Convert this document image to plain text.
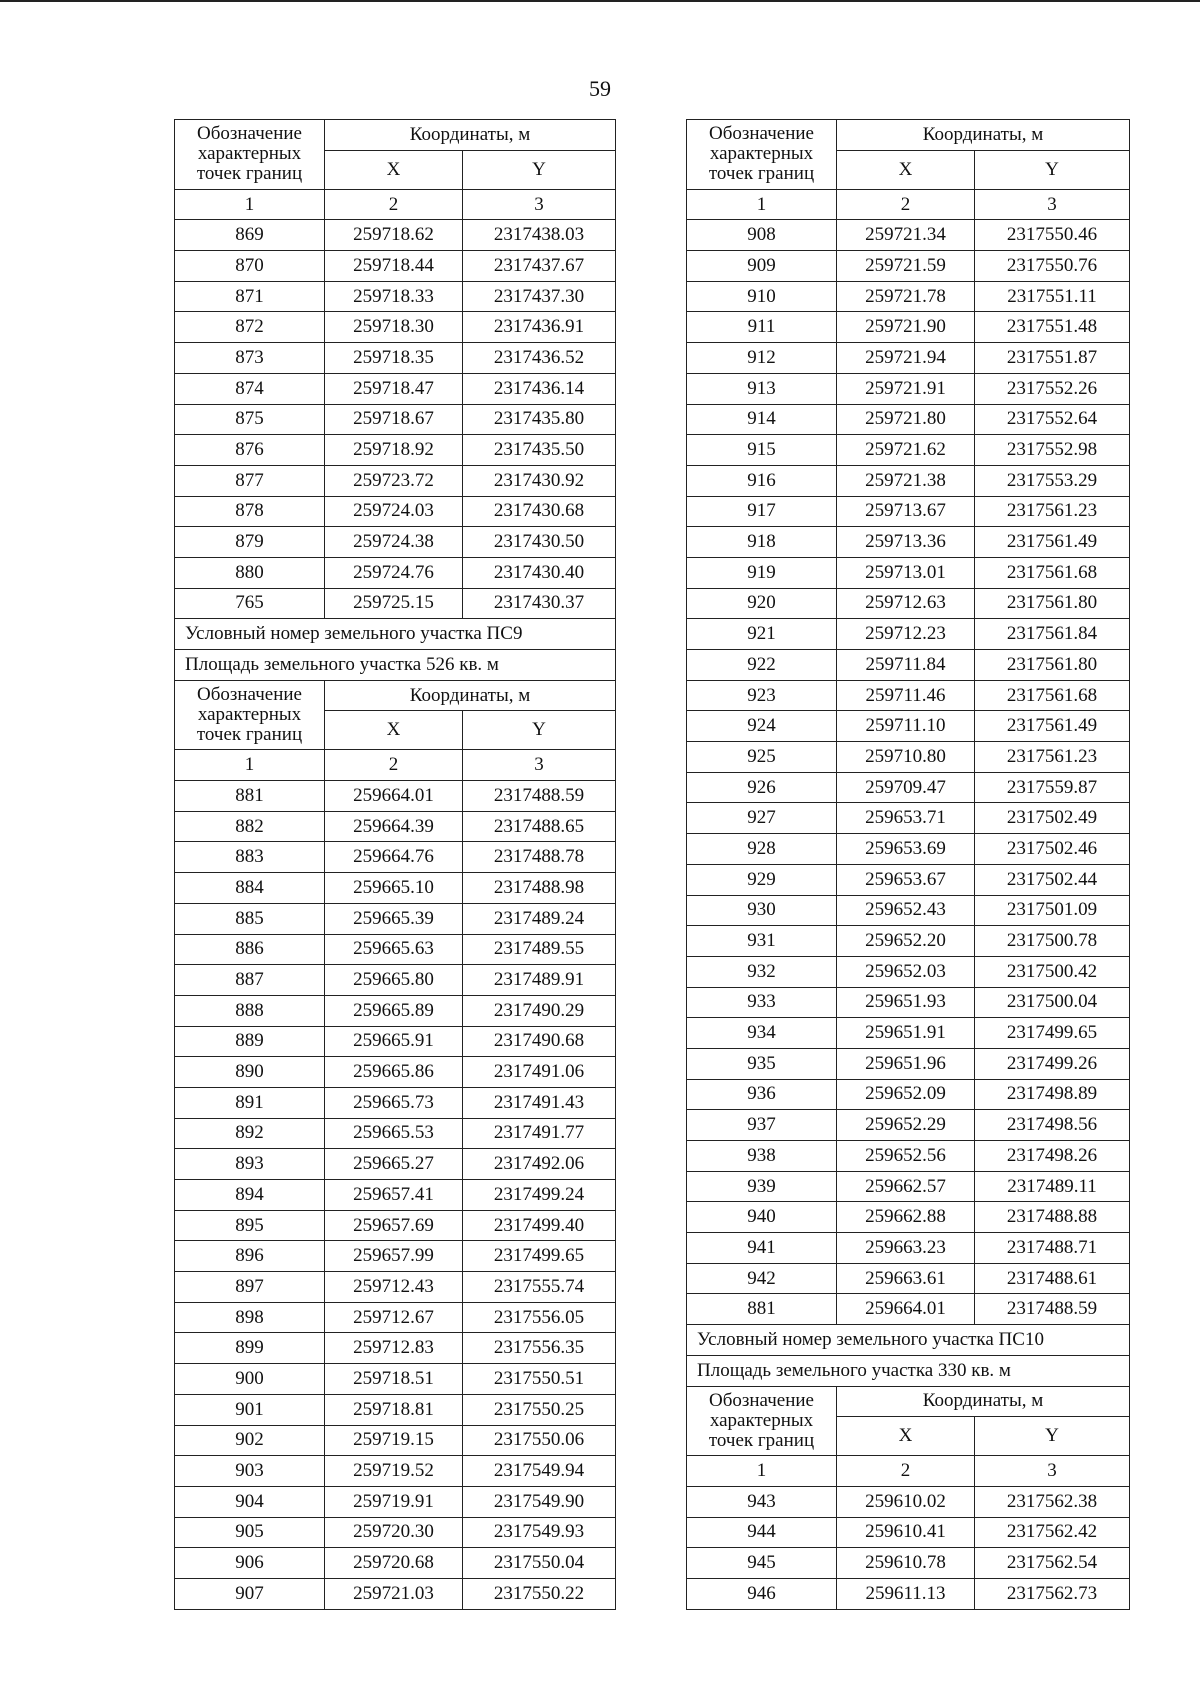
59
Обозначение
характерных
точек границ	Координаты, м	
	X	Y
1	2	3
869	259718.62	2317438.03
870	259718.44	2317437.67
871	259718.33	2317437.30
872	259718.30	2317436.91
873	259718.35	2317436.52
874	259718.47	2317436.14
875	259718.67	2317435.80
876	259718.92	2317435.50
877	259723.72	2317430.92
878	259724.03	2317430.68
879	259724.38	2317430.50
880	259724.76	2317430.40
765	259725.15	2317430.37
Условный номер земельного участка ПС9		
Площадь земельного участка 526 кв. м		
Обозначение
характерных
точек границ	Координаты, м	
	X	Y
1	2	3
881	259664.01	2317488.59
882	259664.39	2317488.65
883	259664.76	2317488.78
884	259665.10	2317488.98
885	259665.39	2317489.24
886	259665.63	2317489.55
887	259665.80	2317489.91
888	259665.89	2317490.29
889	259665.91	2317490.68
890	259665.86	2317491.06
891	259665.73	2317491.43
892	259665.53	2317491.77
893	259665.27	2317492.06
894	259657.41	2317499.24
895	259657.69	2317499.40
896	259657.99	2317499.65
897	259712.43	2317555.74
898	259712.67	2317556.05
899	259712.83	2317556.35
900	259718.51	2317550.51
901	259718.81	2317550.25
902	259719.15	2317550.06
903	259719.52	2317549.94
904	259719.91	2317549.90
905	259720.30	2317549.93
906	259720.68	2317550.04
907	259721.03	2317550.22
Обозначение
характерных
точек границ	Координаты, м	
	X	Y
1	2	3
908	259721.34	2317550.46
909	259721.59	2317550.76
910	259721.78	2317551.11
911	259721.90	2317551.48
912	259721.94	2317551.87
913	259721.91	2317552.26
914	259721.80	2317552.64
915	259721.62	2317552.98
916	259721.38	2317553.29
917	259713.67	2317561.23
918	259713.36	2317561.49
919	259713.01	2317561.68
920	259712.63	2317561.80
921	259712.23	2317561.84
922	259711.84	2317561.80
923	259711.46	2317561.68
924	259711.10	2317561.49
925	259710.80	2317561.23
926	259709.47	2317559.87
927	259653.71	2317502.49
928	259653.69	2317502.46
929	259653.67	2317502.44
930	259652.43	2317501.09
931	259652.20	2317500.78
932	259652.03	2317500.42
933	259651.93	2317500.04
934	259651.91	2317499.65
935	259651.96	2317499.26
936	259652.09	2317498.89
937	259652.29	2317498.56
938	259652.56	2317498.26
939	259662.57	2317489.11
940	259662.88	2317488.88
941	259663.23	2317488.71
942	259663.61	2317488.61
881	259664.01	2317488.59
Условный номер земельного участка ПС10		
Площадь земельного участка 330 кв. м		
Обозначение
характерных
точек границ	Координаты, м	
	X	Y
1	2	3
943	259610.02	2317562.38
944	259610.41	2317562.42
945	259610.78	2317562.54
946	259611.13	2317562.73
